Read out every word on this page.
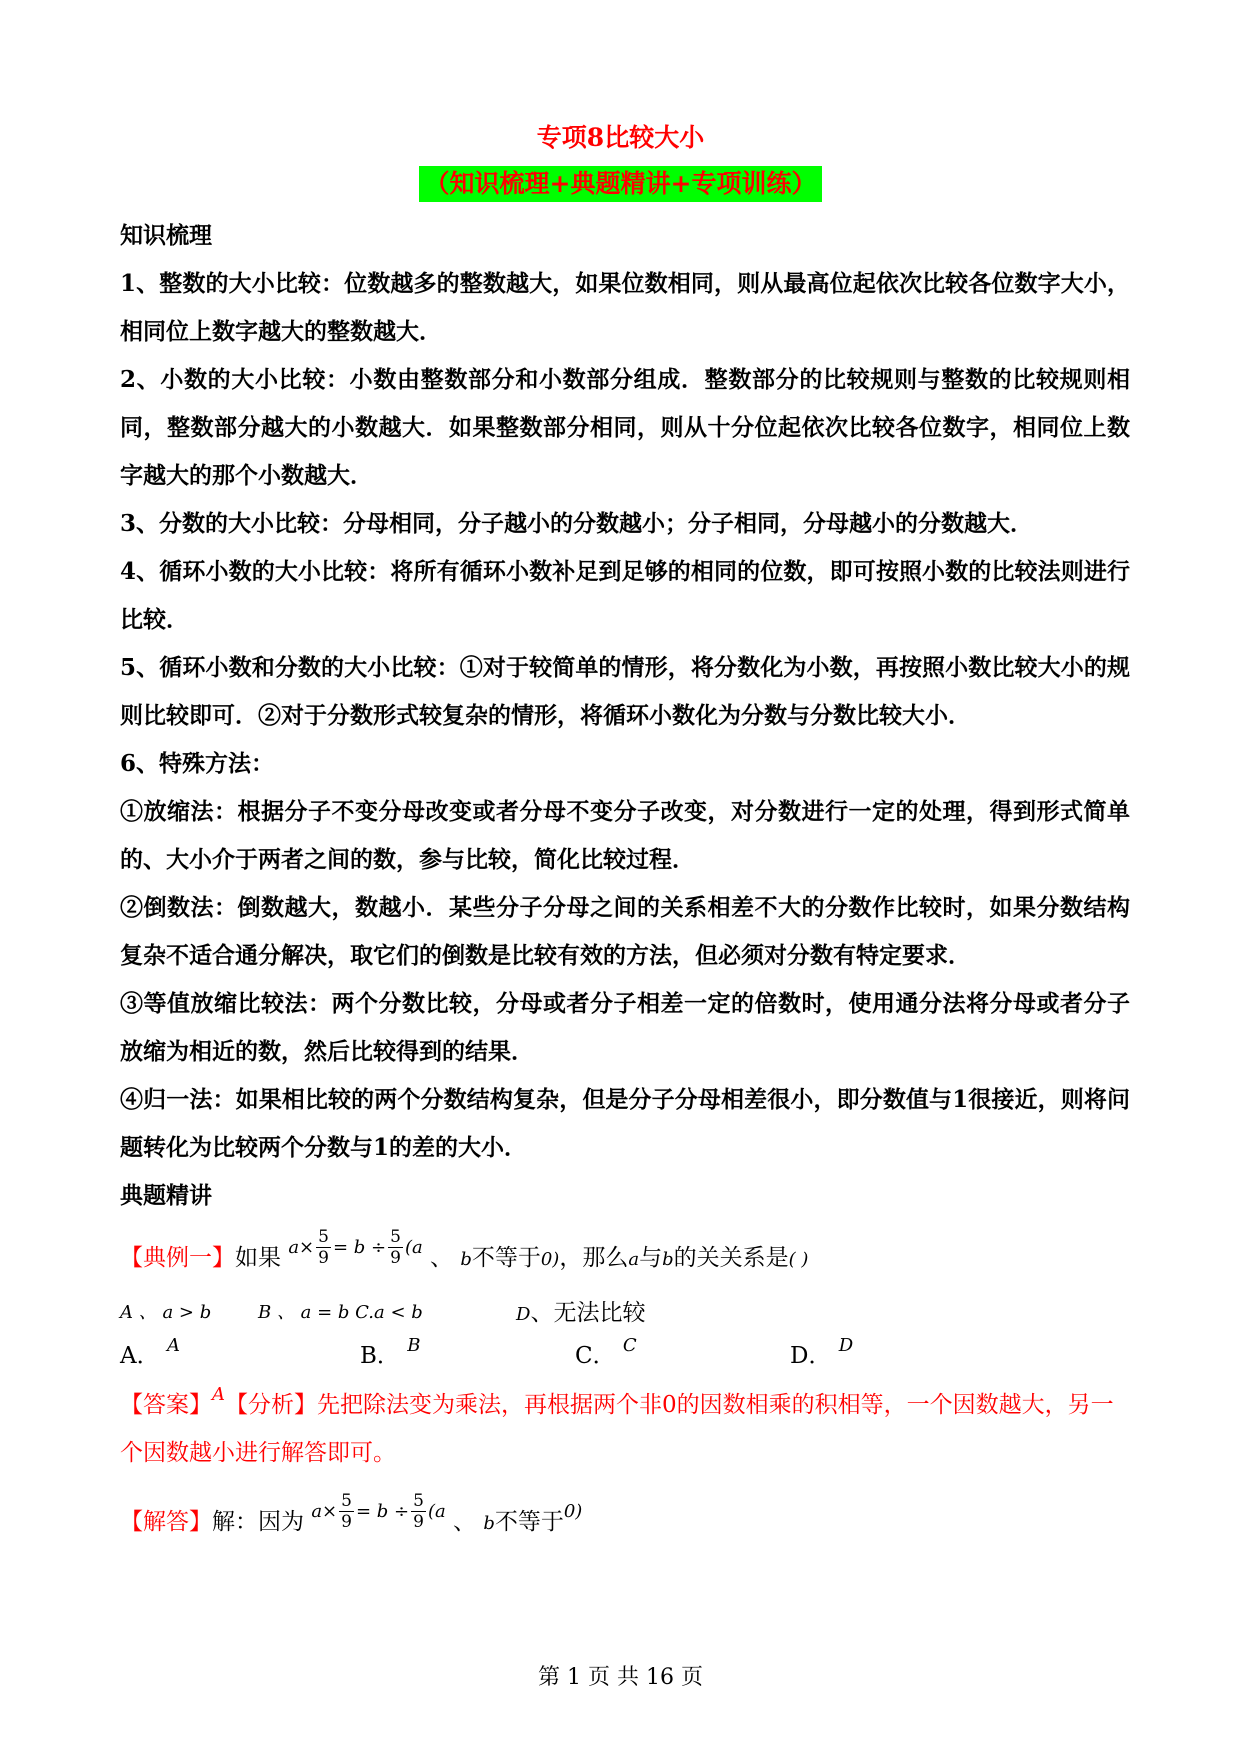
专项8比较大小
（知识梳理+典题精讲+专项训练）
知识梳理

1、整数的大小比较：位数越多的整数越大，如果位数相同，则从最高位起依次比较各位数字大小，相同位上数字越大的整数越大．

2、小数的大小比较：小数由整数部分和小数部分组成．整数部分的比较规则与整数的比较规则相同，整数部分越大的小数越大．如果整数部分相同，则从十分位起依次比较各位数字，相同位上数字越大的那个小数越大．

3、分数的大小比较：分母相同，分子越小的分数越小；分子相同，分母越小的分数越大．

4、循环小数的大小比较：将所有循环小数补足到足够的相同的位数，即可按照小数的比较法则进行比较．

5、循环小数和分数的大小比较：①对于较简单的情形，将分数化为小数，再按照小数比较大小的规则比较即可．②对于分数形式较复杂的情形，将循环小数化为分数与分数比较大小．

6、特殊方法：

①放缩法：根据分子不变分母改变或者分母不变分子改变，对分数进行一定的处理，得到形式简单的、大小介于两者之间的数，参与比较，简化比较过程．

②倒数法：倒数越大，数越小．某些分子分母之间的关系相差不大的分数作比较时，如果分数结构复杂不适合通分解决，取它们的倒数是比较有效的方法，但必须对分数有特定要求．

③等值放缩比较法：两个分数比较，分母或者分子相差一定的倍数时，使用通分法将分母或者分子放缩为相近的数，然后比较得到的结果．

④归一法：如果相比较的两个分数结构复杂，但是分子分母相差很小，即分数值与1很接近，则将问题转化为比较两个分数与1的差的大小．

典题精讲
【典例一】如果 $a\times \frac{5}{9} = b \div \frac{5}{9} (a$ 、 b不等于0)，那么a与b的关关系是( )
A 、 a > b	B 、 a = b C.a < b	D、无法比较
A． $^A$	B． $^B$	C． $^C$	D． $^D$
【答案】$^A$【分析】先把除法变为乘法，再根据两个非0的因数相乘的积相等，一个因数越大，另一个因数越小进行解答即可。
【解答】解：因为 $a\times \frac{5}{9} = b \div \frac{5}{9} (a$ 、 b不等于$^{0)}$
第 1 页 共 16 页
